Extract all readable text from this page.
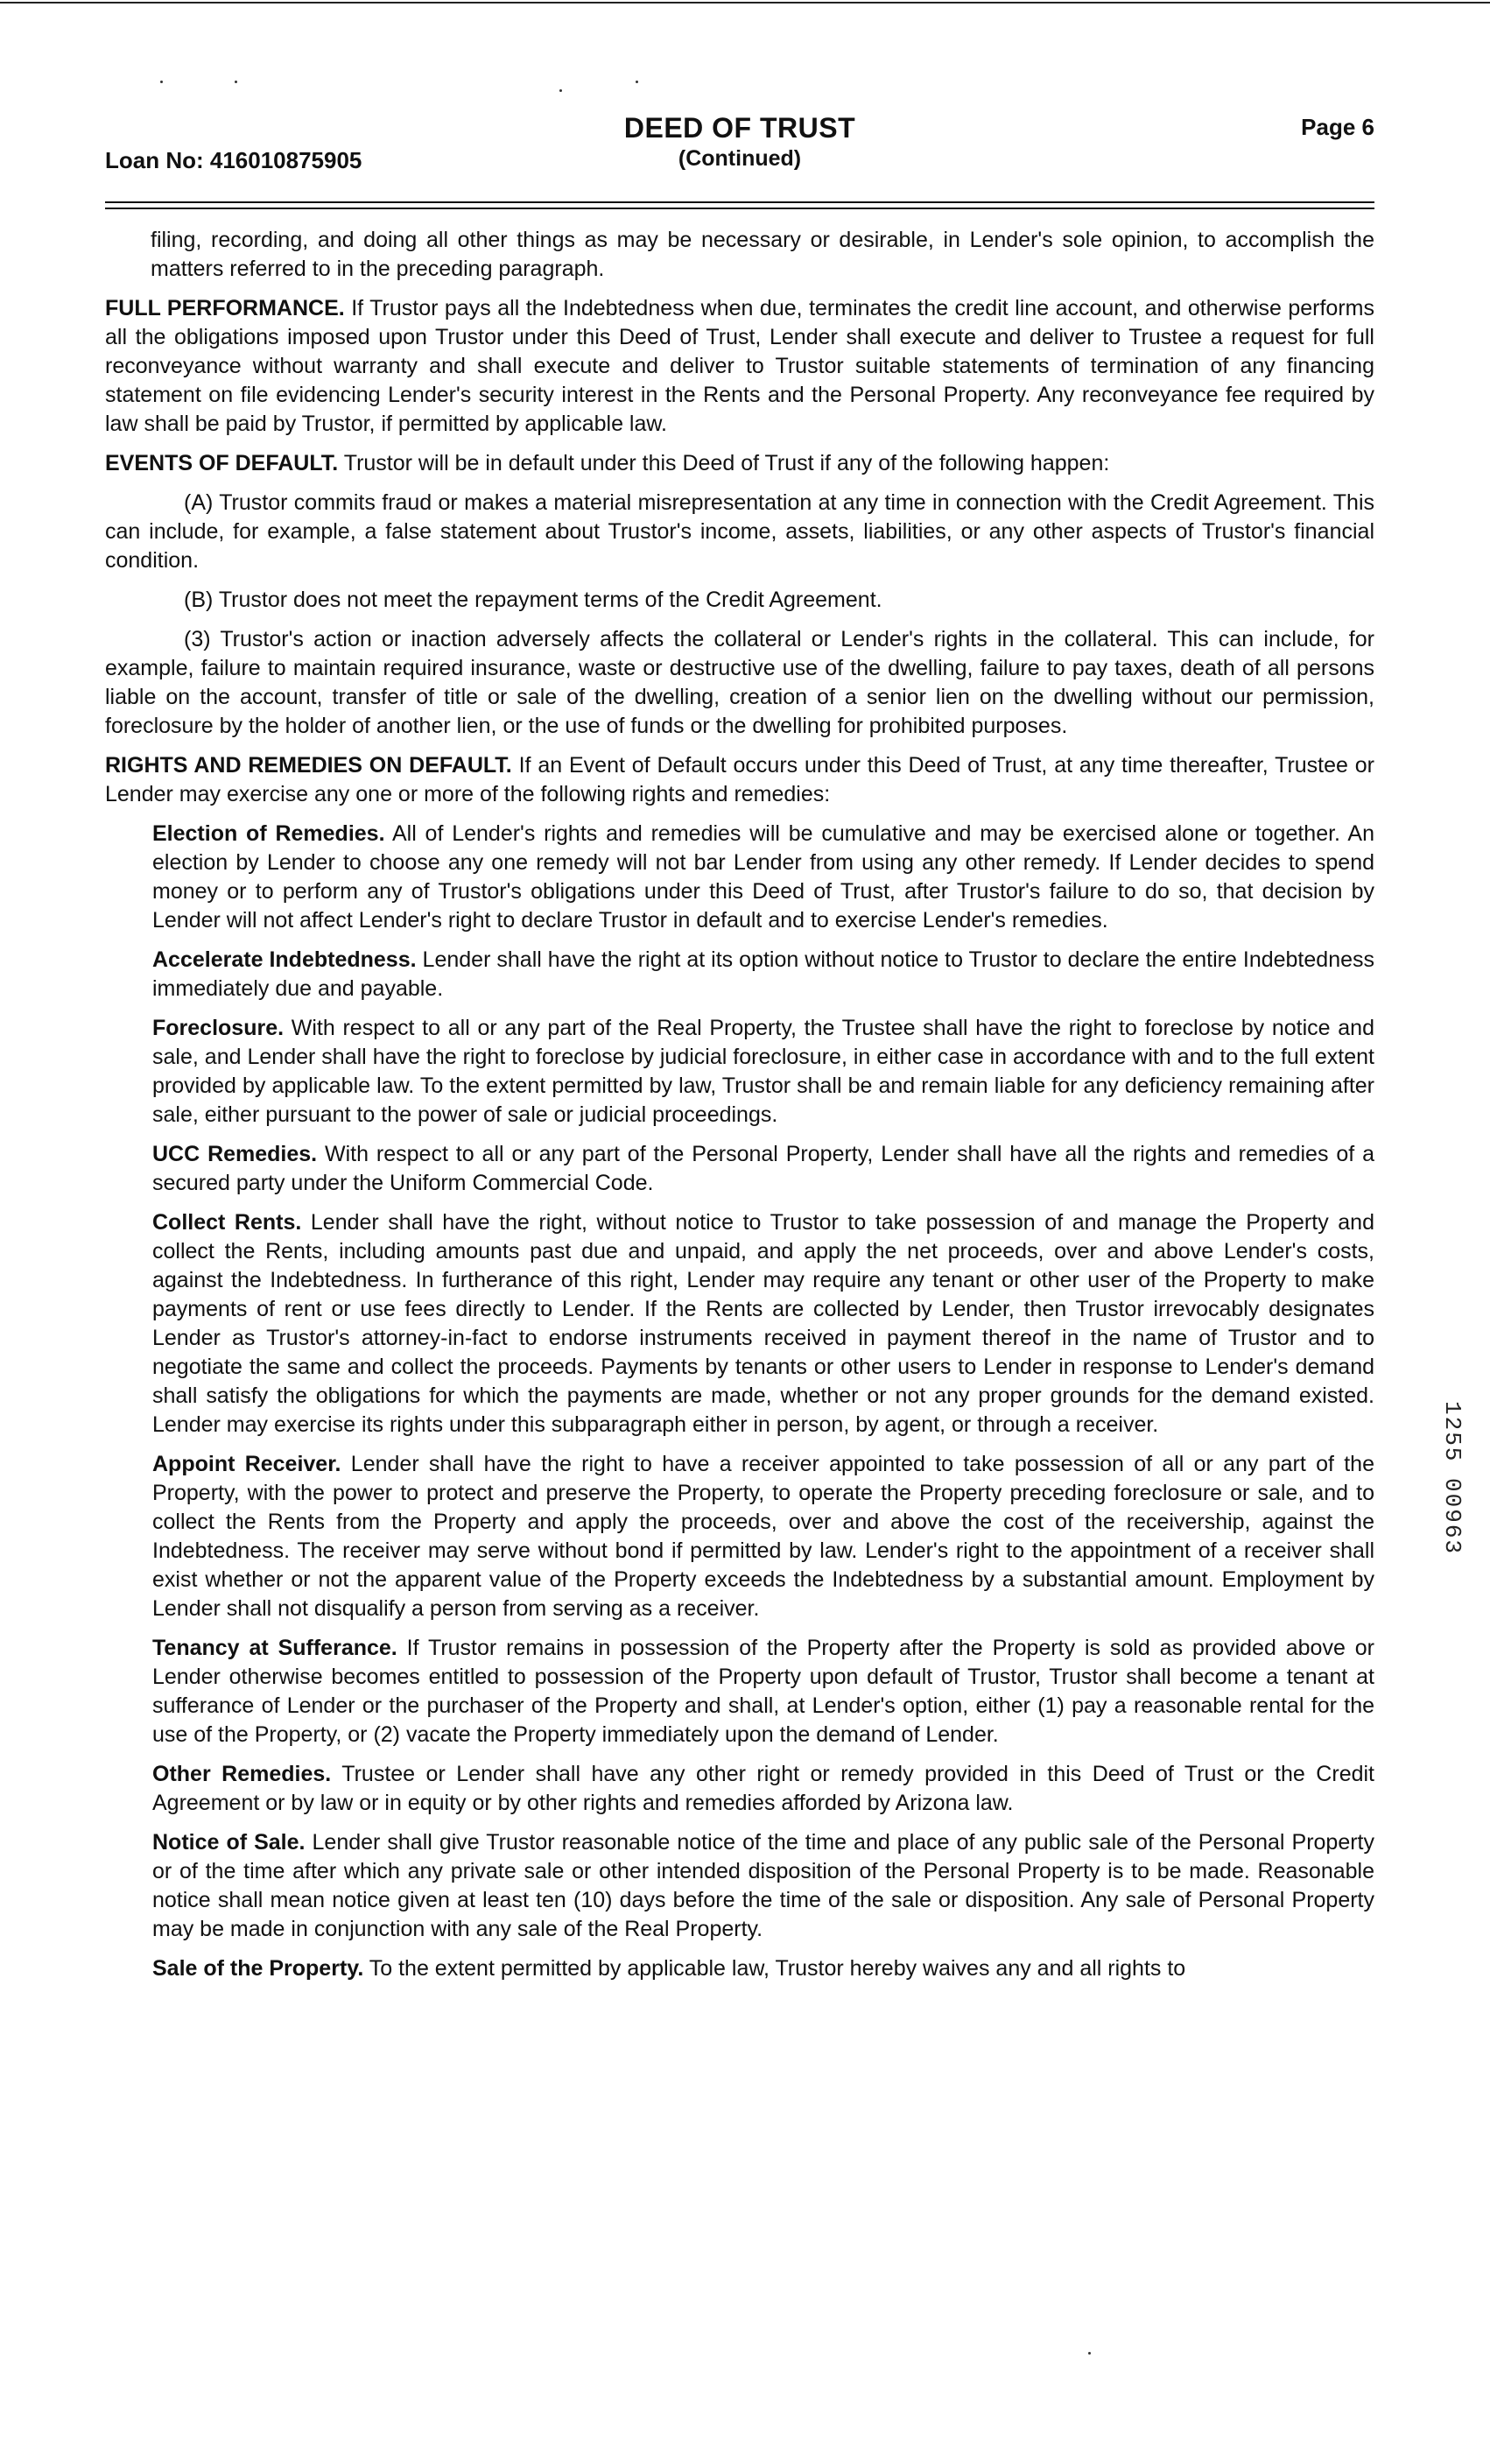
Loan No: 416010875905
DEED OF TRUST
(Continued)
Page 6

filing, recording, and doing all other things as may be necessary or desirable, in Lender's sole opinion, to accomplish the matters referred to in the preceding paragraph.

FULL PERFORMANCE. If Trustor pays all the Indebtedness when due, terminates the credit line account, and otherwise performs all the obligations imposed upon Trustor under this Deed of Trust, Lender shall execute and deliver to Trustee a request for full reconveyance without warranty and shall execute and deliver to Trustor suitable statements of termination of any financing statement on file evidencing Lender's security interest in the Rents and the Personal Property. Any reconveyance fee required by law shall be paid by Trustor, if permitted by applicable law.

EVENTS OF DEFAULT. Trustor will be in default under this Deed of Trust if any of the following happen:

(A) Trustor commits fraud or makes a material misrepresentation at any time in connection with the Credit Agreement. This can include, for example, a false statement about Trustor's income, assets, liabilities, or any other aspects of Trustor's financial condition.

(B) Trustor does not meet the repayment terms of the Credit Agreement.

(3) Trustor's action or inaction adversely affects the collateral or Lender's rights in the collateral. This can include, for example, failure to maintain required insurance, waste or destructive use of the dwelling, failure to pay taxes, death of all persons liable on the account, transfer of title or sale of the dwelling, creation of a senior lien on the dwelling without our permission, foreclosure by the holder of another lien, or the use of funds or the dwelling for prohibited purposes.

RIGHTS AND REMEDIES ON DEFAULT. If an Event of Default occurs under this Deed of Trust, at any time thereafter, Trustee or Lender may exercise any one or more of the following rights and remedies:

Election of Remedies. All of Lender's rights and remedies will be cumulative and may be exercised alone or together. An election by Lender to choose any one remedy will not bar Lender from using any other remedy. If Lender decides to spend money or to perform any of Trustor's obligations under this Deed of Trust, after Trustor's failure to do so, that decision by Lender will not affect Lender's right to declare Trustor in default and to exercise Lender's remedies.

Accelerate Indebtedness. Lender shall have the right at its option without notice to Trustor to declare the entire Indebtedness immediately due and payable.

Foreclosure. With respect to all or any part of the Real Property, the Trustee shall have the right to foreclose by notice and sale, and Lender shall have the right to foreclose by judicial foreclosure, in either case in accordance with and to the full extent provided by applicable law. To the extent permitted by law, Trustor shall be and remain liable for any deficiency remaining after sale, either pursuant to the power of sale or judicial proceedings.

UCC Remedies. With respect to all or any part of the Personal Property, Lender shall have all the rights and remedies of a secured party under the Uniform Commercial Code.

Collect Rents. Lender shall have the right, without notice to Trustor to take possession of and manage the Property and collect the Rents, including amounts past due and unpaid, and apply the net proceeds, over and above Lender's costs, against the Indebtedness. In furtherance of this right, Lender may require any tenant or other user of the Property to make payments of rent or use fees directly to Lender. If the Rents are collected by Lender, then Trustor irrevocably designates Lender as Trustor's attorney-in-fact to endorse instruments received in payment thereof in the name of Trustor and to negotiate the same and collect the proceeds. Payments by tenants or other users to Lender in response to Lender's demand shall satisfy the obligations for which the payments are made, whether or not any proper grounds for the demand existed. Lender may exercise its rights under this subparagraph either in person, by agent, or through a receiver.

Appoint Receiver. Lender shall have the right to have a receiver appointed to take possession of all or any part of the Property, with the power to protect and preserve the Property, to operate the Property preceding foreclosure or sale, and to collect the Rents from the Property and apply the proceeds, over and above the cost of the receivership, against the Indebtedness. The receiver may serve without bond if permitted by law. Lender's right to the appointment of a receiver shall exist whether or not the apparent value of the Property exceeds the Indebtedness by a substantial amount. Employment by Lender shall not disqualify a person from serving as a receiver.

Tenancy at Sufferance. If Trustor remains in possession of the Property after the Property is sold as provided above or Lender otherwise becomes entitled to possession of the Property upon default of Trustor, Trustor shall become a tenant at sufferance of Lender or the purchaser of the Property and shall, at Lender's option, either (1) pay a reasonable rental for the use of the Property, or (2) vacate the Property immediately upon the demand of Lender.

Other Remedies. Trustee or Lender shall have any other right or remedy provided in this Deed of Trust or the Credit Agreement or by law or in equity or by other rights and remedies afforded by Arizona law.

Notice of Sale. Lender shall give Trustor reasonable notice of the time and place of any public sale of the Personal Property or of the time after which any private sale or other intended disposition of the Personal Property is to be made. Reasonable notice shall mean notice given at least ten (10) days before the time of the sale or disposition. Any sale of Personal Property may be made in conjunction with any sale of the Real Property.

Sale of the Property. To the extent permitted by applicable law, Trustor hereby waives any and all rights to

1255 00963
